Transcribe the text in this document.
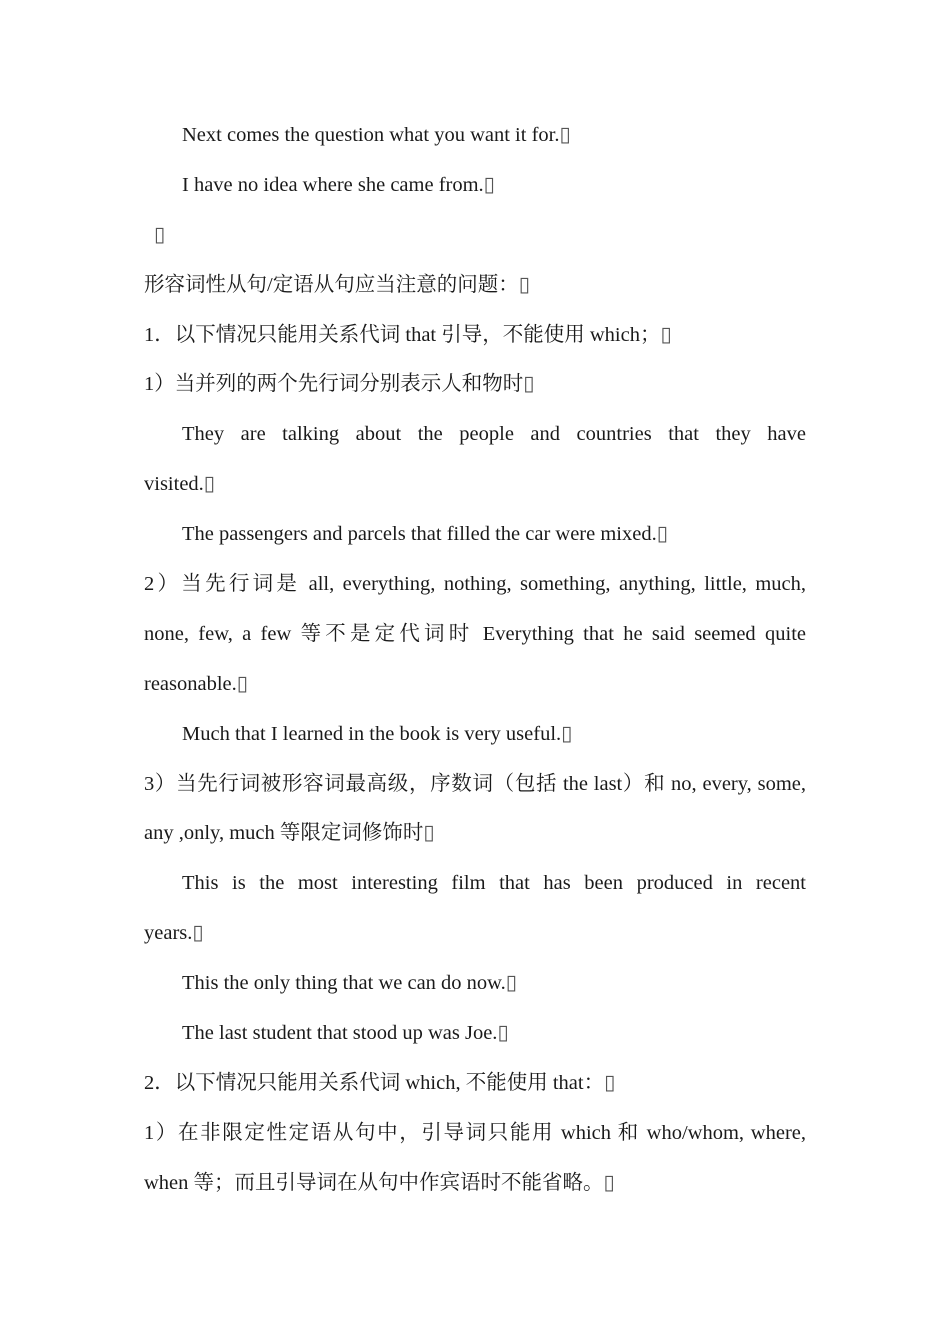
Next comes the question what you want it for.▯
I have no idea where she came from.▯
▯
形容词性从句/定语从句应当注意的问题：▯
1．以下情况只能用关系代词 that 引导，不能使用 which；▯
1）当并列的两个先行词分别表示人和物时▯
They are talking about the people and countries that they have
visited.▯
The passengers and parcels that filled the car were mixed.▯
2）当先行词是 all, everything, nothing, something, anything, little, much,
none, few, a few 等不是定代词时 Everything that he said seemed quite
reasonable.▯
Much that I learned in the book is very useful.▯
3）当先行词被形容词最高级，序数词（包括 the last）和 no, every, some,
any ,only, much 等限定词修饰时▯
This is the most interesting film that has been produced in recent
years.▯
This the only thing that we can do now.▯
The last student that stood up was Joe.▯
2．以下情况只能用关系代词 which, 不能使用 that：▯
1）在非限定性定语从句中，引导词只能用 which 和 who/whom, where,
when 等；而且引导词在从句中作宾语时不能省略。▯
